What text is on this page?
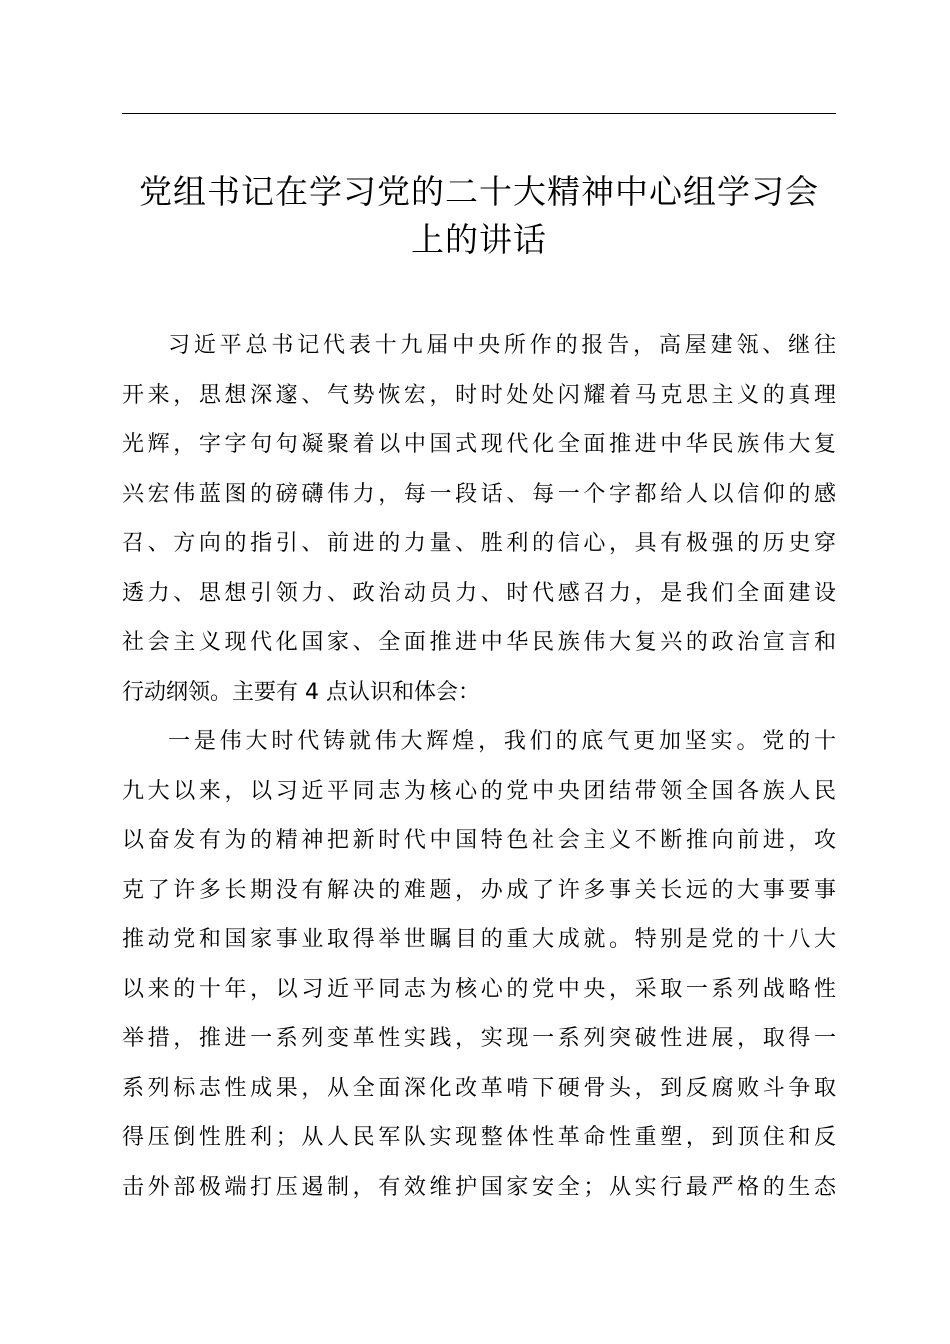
党组书记在学习党的二十大精神中心组学习会
上的讲话
习近平总书记代表十九届中央所作的报告，高屋建瓴、继往
开来，思想深邃、气势恢宏，时时处处闪耀着马克思主义的真理
光辉，字字句句凝聚着以中国式现代化全面推进中华民族伟大复
兴宏伟蓝图的磅礴伟力，每一段话、每一个字都给人以信仰的感
召、方向的指引、前进的力量、胜利的信心，具有极强的历史穿
透力、思想引领力、政治动员力、时代感召力，是我们全面建设
社会主义现代化国家、全面推进中华民族伟大复兴的政治宣言和
行动纲领。主要有 4 点认识和体会：
一是伟大时代铸就伟大辉煌，我们的底气更加坚实。党的十
九大以来，以习近平同志为核心的党中央团结带领全国各族人民
以奋发有为的精神把新时代中国特色社会主义不断推向前进，攻
克了许多长期没有解决的难题，办成了许多事关长远的大事要事
推动党和国家事业取得举世瞩目的重大成就。特别是党的十八大
以来的十年，以习近平同志为核心的党中央，采取一系列战略性
举措，推进一系列变革性实践，实现一系列突破性进展，取得一
系列标志性成果，从全面深化改革啃下硬骨头，到反腐败斗争取
得压倒性胜利；从人民军队实现整体性革命性重塑，到顶住和反
击外部极端打压遏制，有效维护国家安全；从实行最严格的生态
